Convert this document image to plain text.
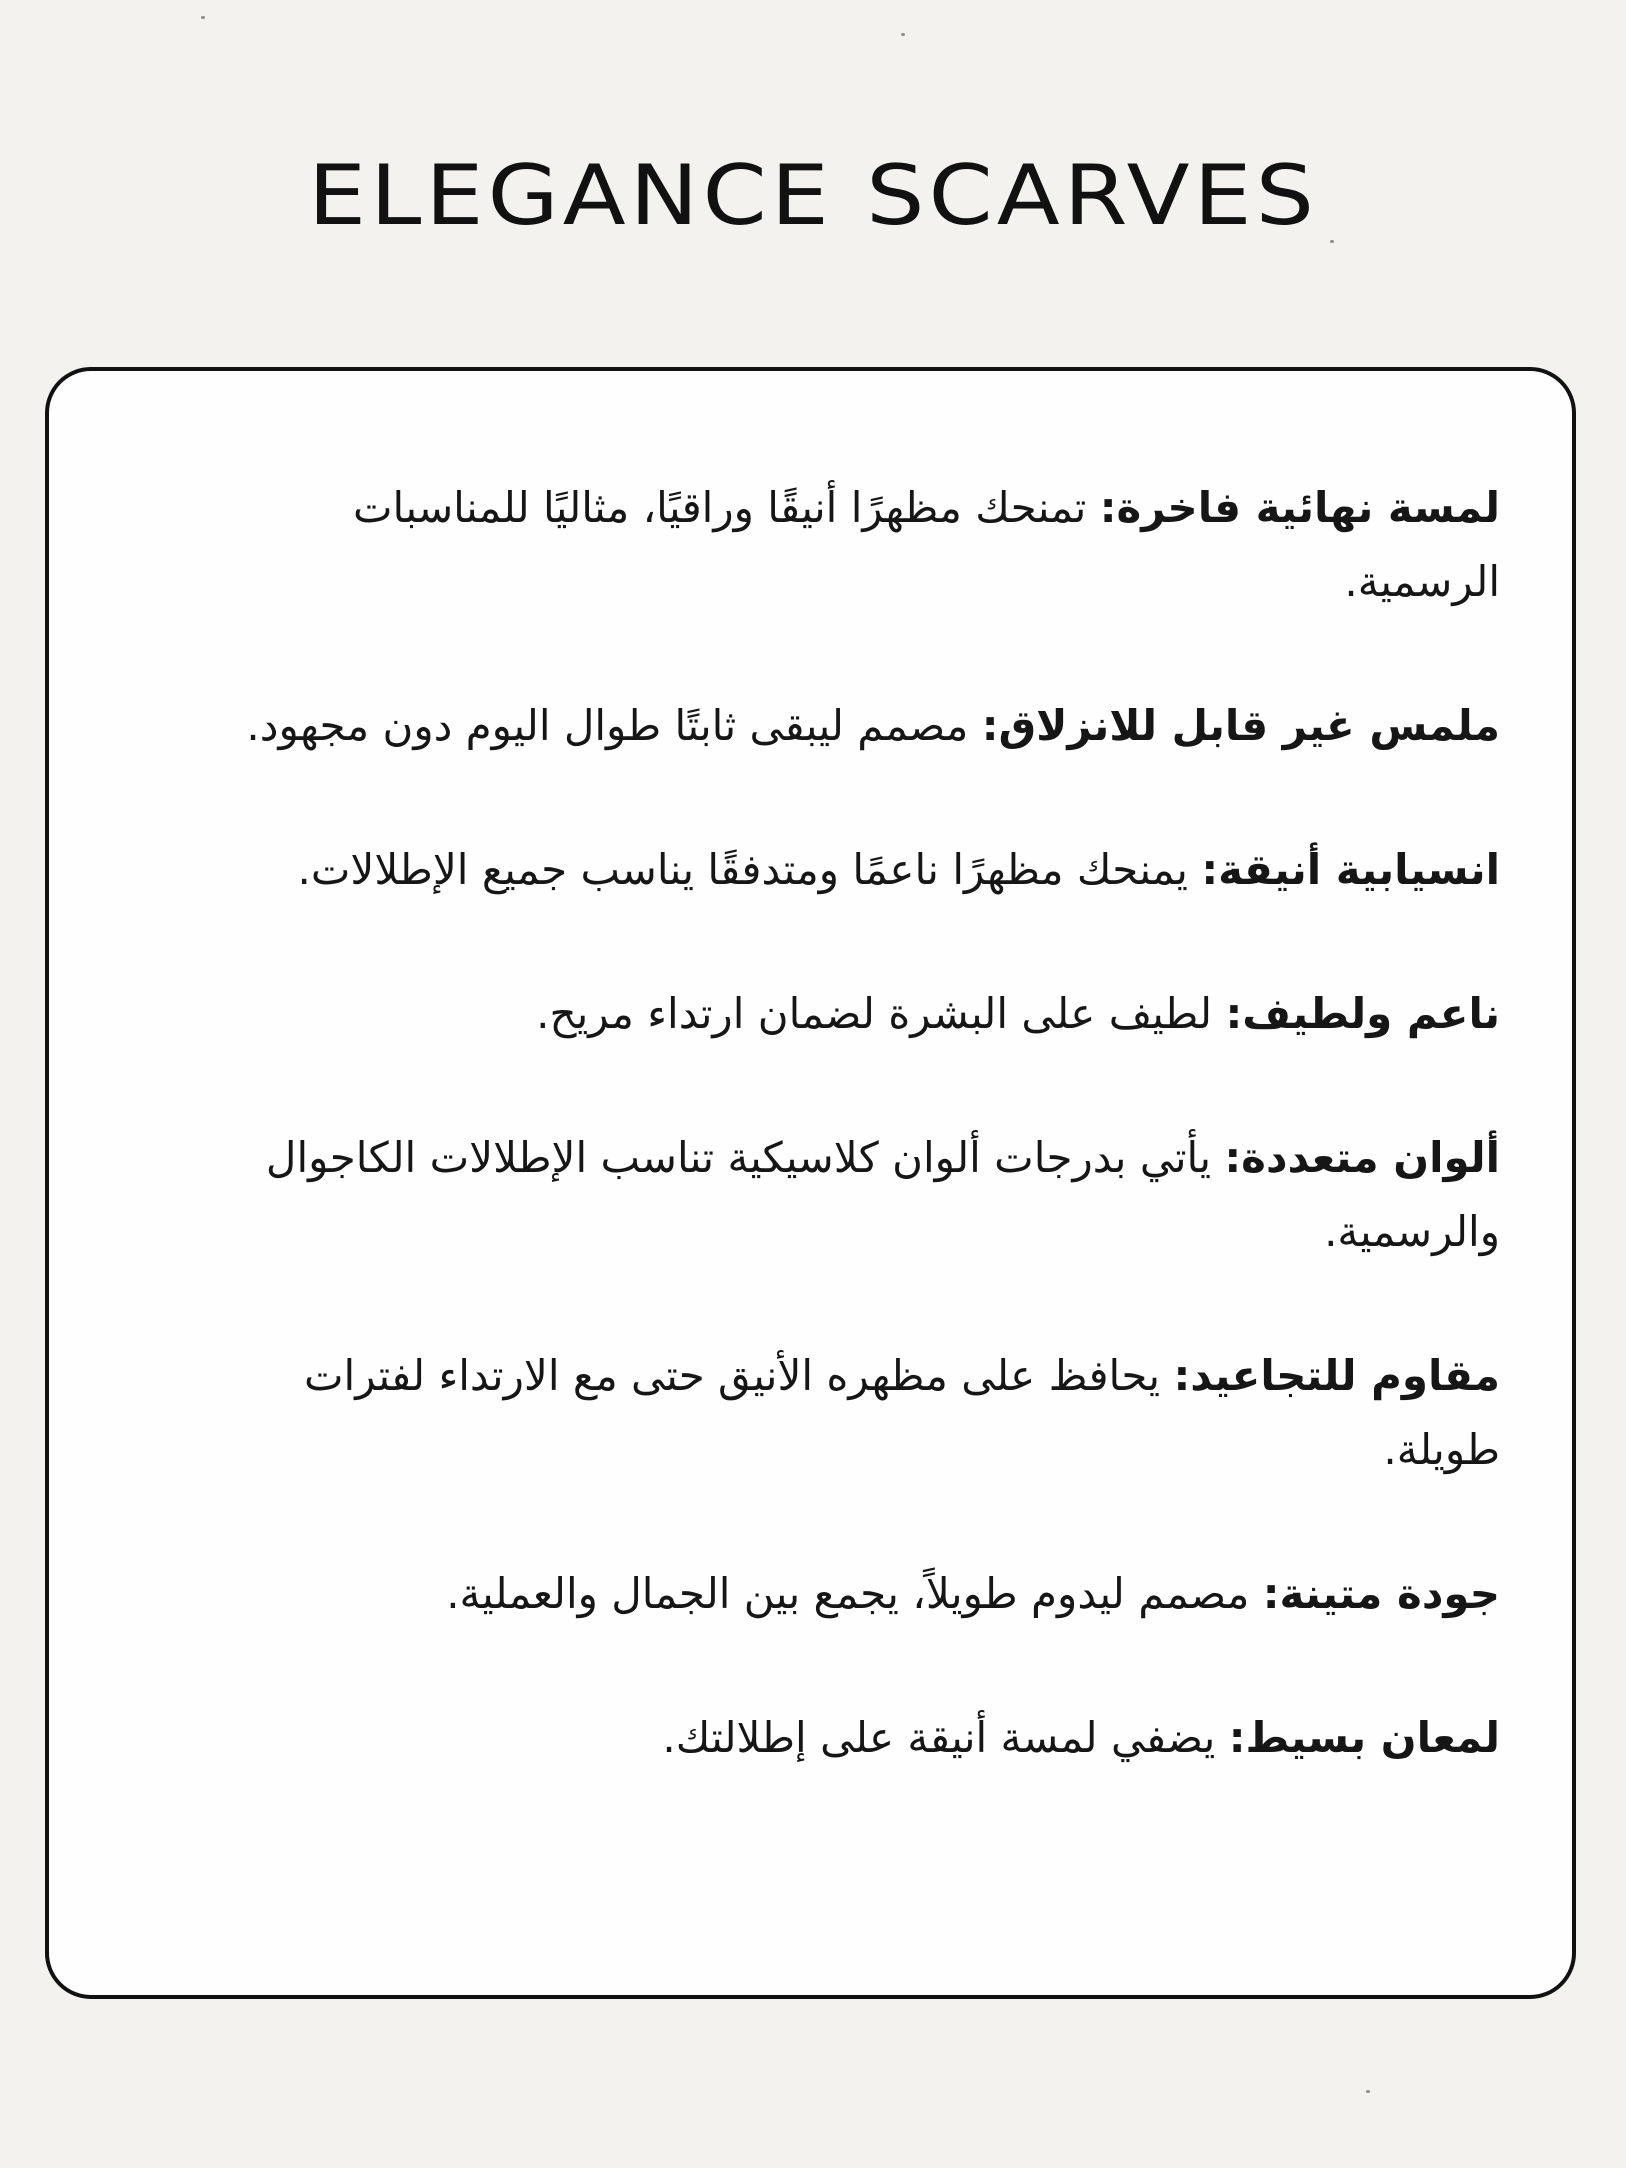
ELEGANCE SCARVES
لمسة نهائية فاخرة: تمنحك مظهرًا أنيقًا وراقيًا، مثاليًا للمناسبات الرسمية.
ملمس غير قابل للانزلاق: مصمم ليبقى ثابتًا طوال اليوم دون مجهود.
انسيابية أنيقة: يمنحك مظهرًا ناعمًا ومتدفقًا يناسب جميع الإطلالات.
ناعم ولطيف: لطيف على البشرة لضمان ارتداء مريح.
ألوان متعددة: يأتي بدرجات ألوان كلاسيكية تناسب الإطلالات الكاجوال والرسمية.
مقاوم للتجاعيد: يحافظ على مظهره الأنيق حتى مع الارتداء لفترات طويلة.
جودة متينة: مصمم ليدوم طويلاً، يجمع بين الجمال والعملية.
لمعان بسيط: يضفي لمسة أنيقة على إطلالتك.
